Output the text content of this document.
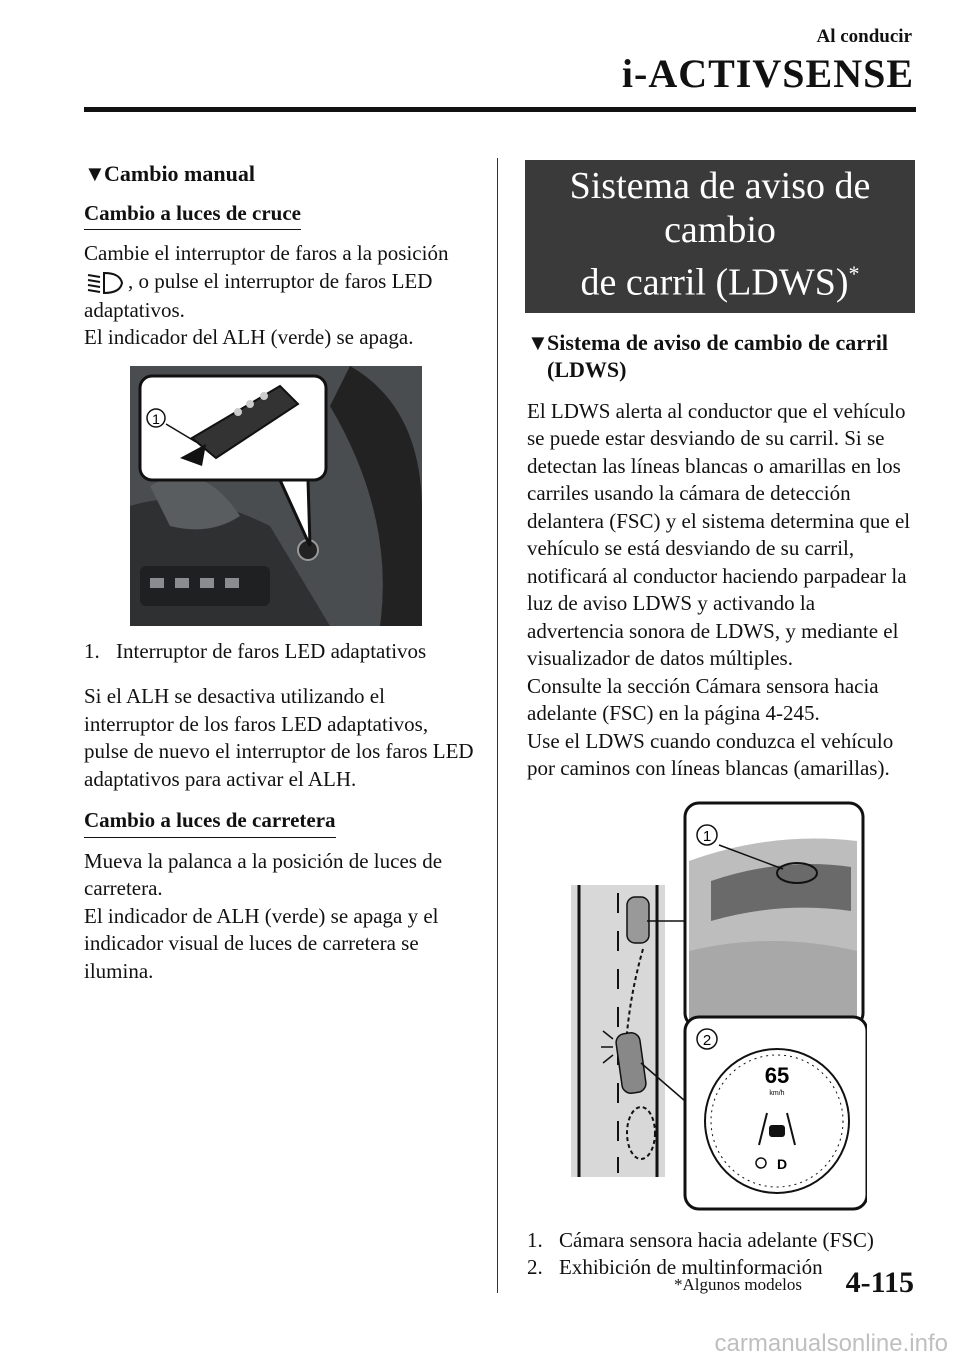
Al conducir
i-ACTIVSENSE
▼
Cambio manual
Cambio a luces de cruce

Cambie el interruptor de faros a la posición , o pulse el interruptor de faros LED adaptativos.
El indicador del ALH (verde) se apaga.

1
1. Interruptor de faros LED adaptativos

Si el ALH se desactiva utilizando el interruptor de los faros LED adaptativos, pulse de nuevo el interruptor de los faros LED adaptativos para activar el ALH.

Cambio a luces de carretera

Mueva la palanca a la posición de luces de carretera.
El indicador de ALH (verde) se apaga y el indicador visual de luces de carretera se ilumina.

Sistema de aviso de cambio
de carril (LDWS)*
▼
Sistema de aviso de cambio de carril (LDWS)

El LDWS alerta al conductor que el vehículo se puede estar desviando de su carril. Si se detectan las líneas blancas o amarillas en los carriles usando la cámara de detección delantera (FSC) y el sistema determina que el vehículo se está desviando de su carril, notificará al conductor haciendo parpadear la luz de aviso LDWS y activando la advertencia sonora de LDWS, y mediante el visualizador de datos múltiples.

Consulte la sección Cámara sensora hacia adelante (FSC) en la página 4-245.

Use el LDWS cuando conduzca el vehículo por caminos con líneas blancas (amarillas).

1
65
km/h
D
2
1. Cámara sensora hacia adelante (FSC)
2. Exhibición de multinformación
*Algunos modelos 4-115
carmanualsonline.info
